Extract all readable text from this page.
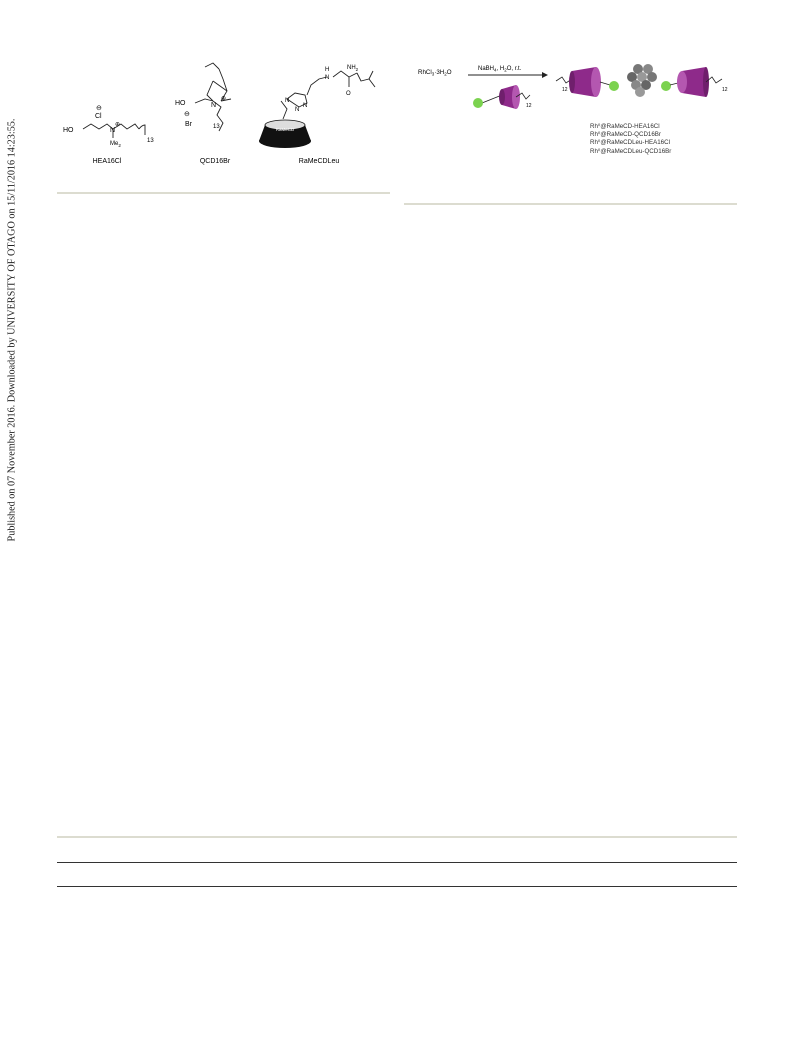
Published on 07 November 2016. Downloaded by UNIVERSITY OF OTAGO on 15/11/2016 14:23:55.	HO
Cl
⊖
N
⊕
$Me_2$
13
HEA16Cl
HO	N
⊕
Br
⊖
13
QCD16Br
RaMeCD
N
N
N
N
H
O
$NH_2$
RaMeCDLeu
$RhCl_3\cdot 3H_2O$	NaBH$_4$, $H_2O$, r.t.
12
12	12
Rh⁰@RaMeCD-HEA16Cl
Rh⁰@RaMeCD-QCD16Br
Rh⁰@RaMeCDLeu-HEA16Cl
Rh⁰@RaMeCDLeu-QCD16Br
